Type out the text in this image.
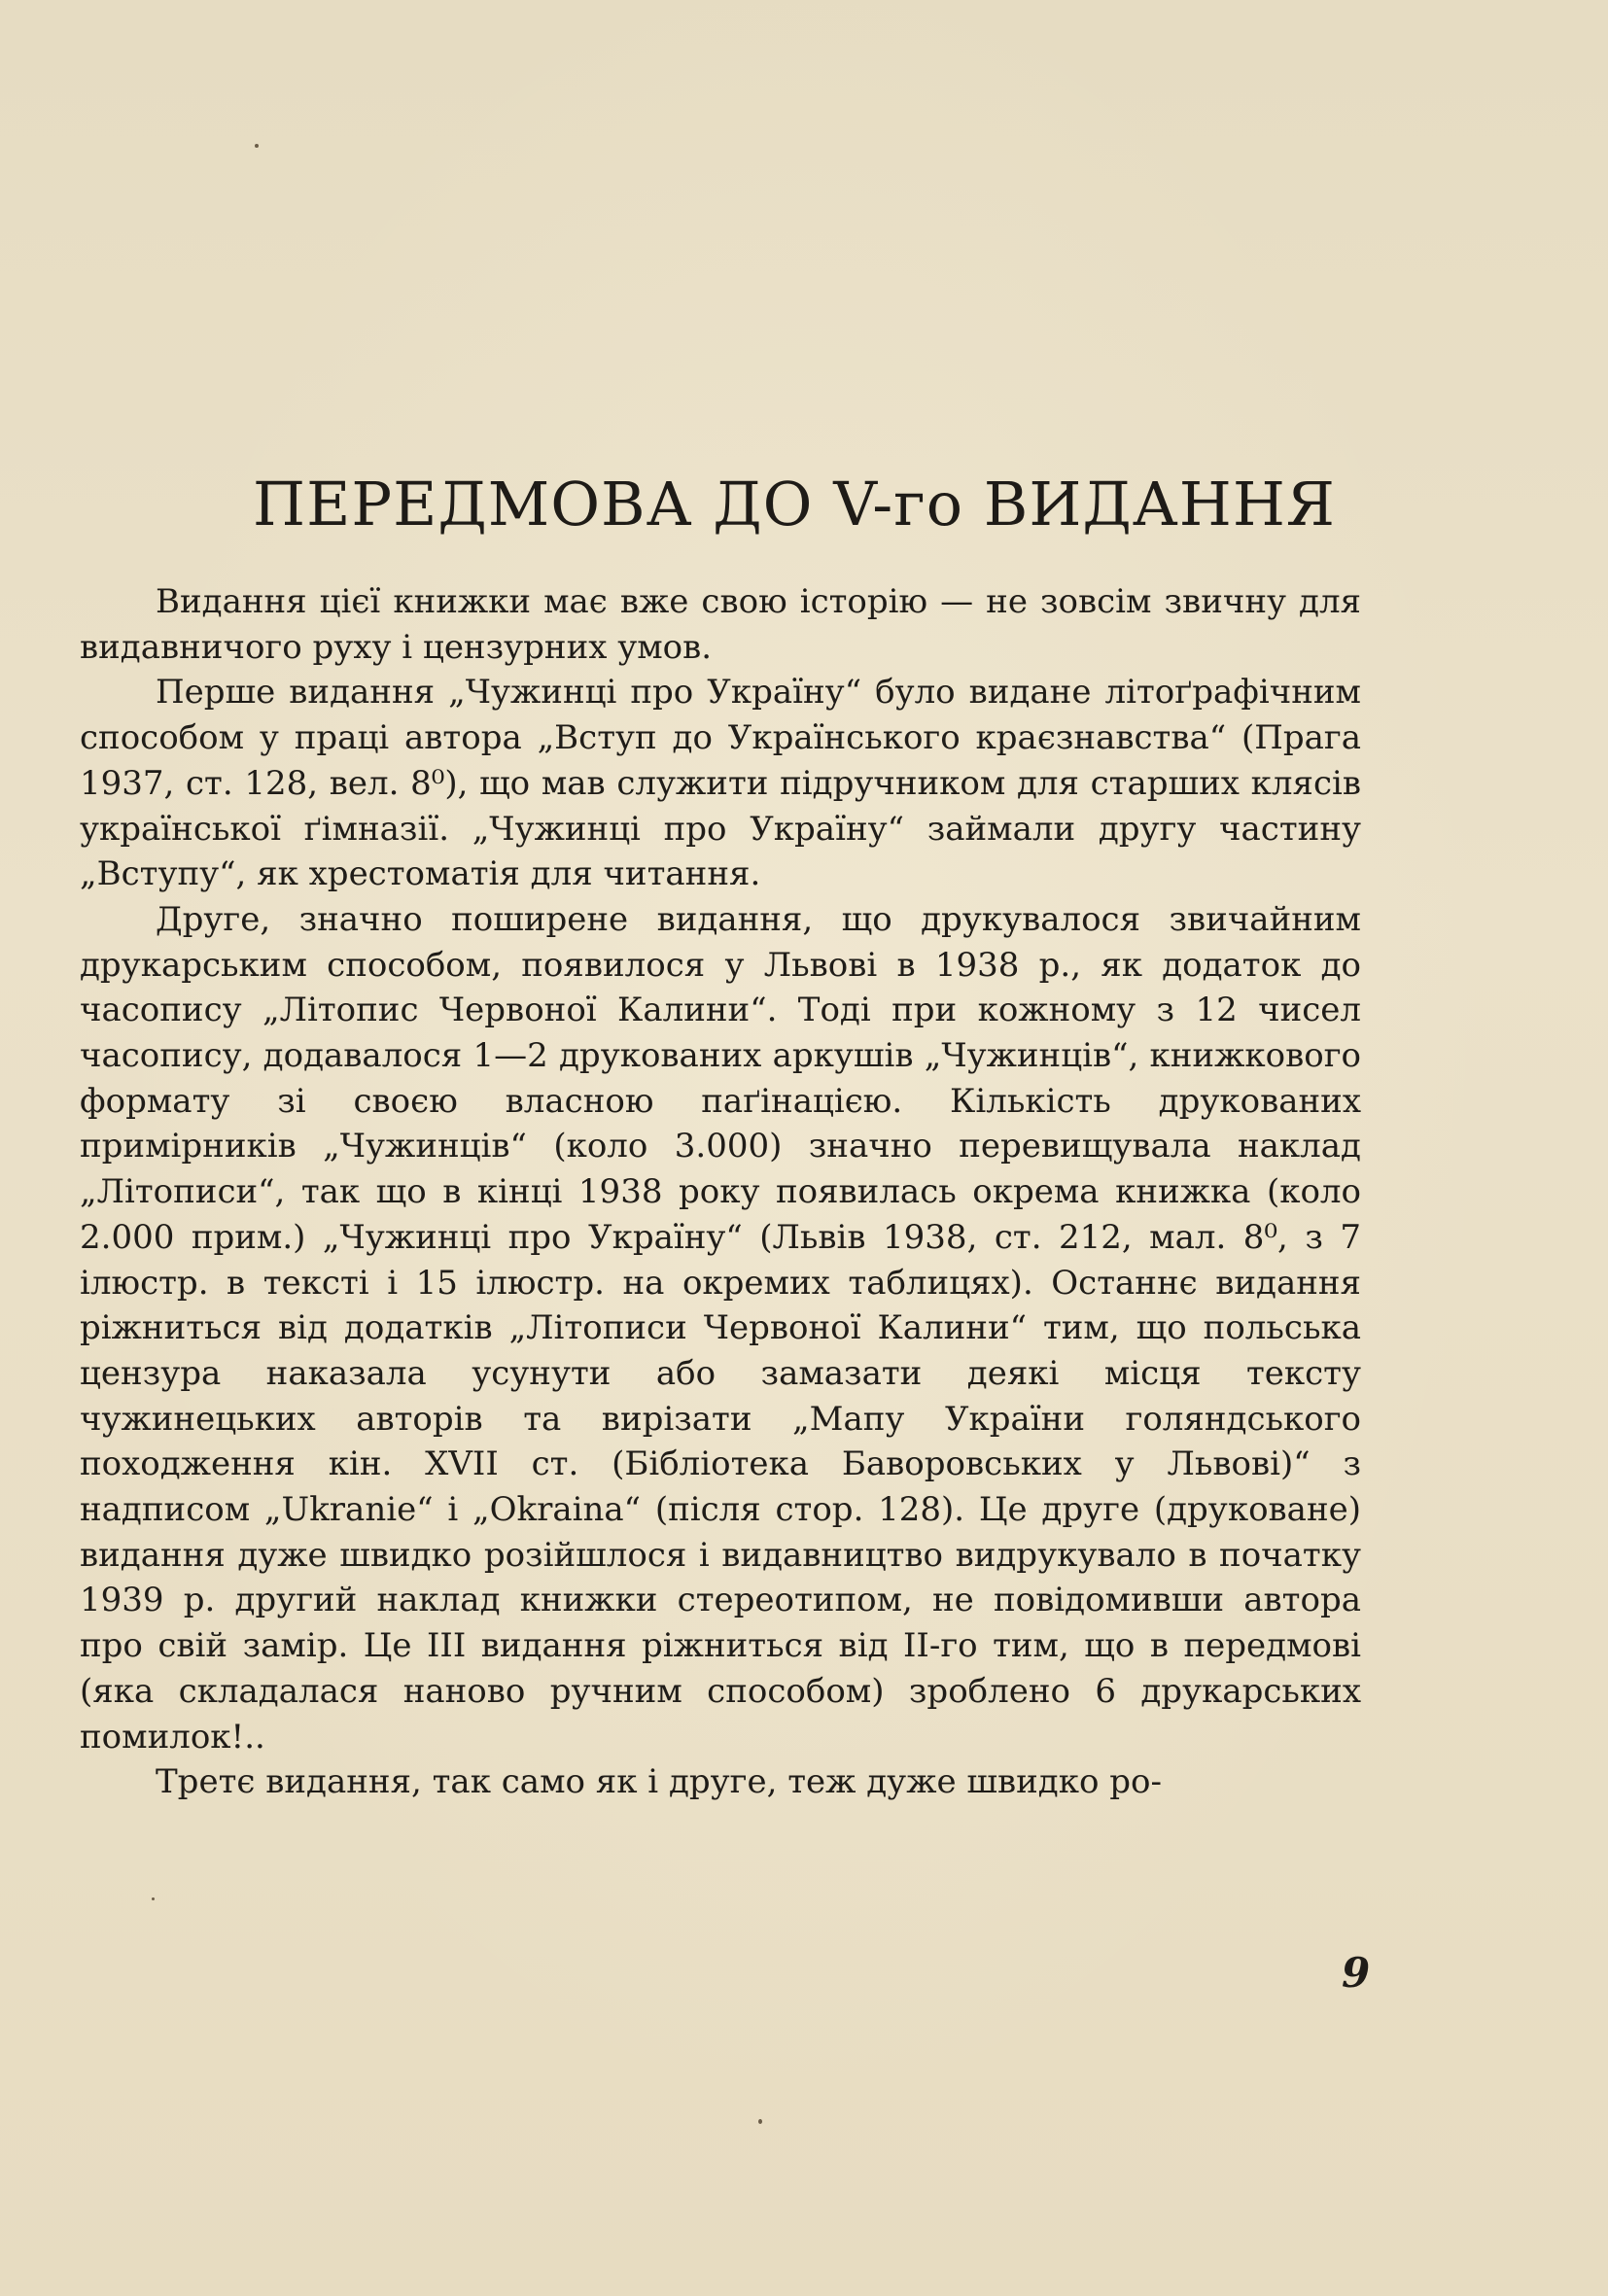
ПЕРЕДМОВА ДО V-го ВИДАННЯ

Видання цієї книжки має вже свою історію — не зовсім звичну для видавничого руху і цензурних умов.

Перше видання „Чужинці про Україну“ було видане літоґрафічним способом у праці автора „Вступ до Українського краєзнавства“ (Прага 1937, ст. 128, вел. 8⁰), що мав служити підручником для старших клясів української ґімназії. „Чужинці про Україну“ займали другу частину „Вступу“, як хрестоматія для читання.

Друге, значно поширене видання, що друкувалося звичайним друкарським способом, появилося у Львові в 1938 р., як додаток до часопису „Літопис Червоної Калини“. Тоді при кожному з 12 чисел часопису, додавалося 1—2 друкованих аркушів „Чужинців“, книжкового формату зі своєю власною паґінацією. Кількість друкованих примірників „Чужинців“ (коло 3.000) значно перевищувала наклад „Літописи“, так що в кінці 1938 року появилась окрема книжка (коло 2.000 прим.) „Чужинці про Україну“ (Львів 1938, ст. 212, мал. 8⁰, з 7 ілюстр. в тексті і 15 ілюстр. на окремих таблицях). Останнє видання ріжниться від додатків „Літописи Червоної Калини“ тим, що польська цензура наказала усунути або замазати деякі місця тексту чужинецьких авторів та вирізати „Мапу України голяндського походження кін. XVII ст. (Бібліотека Баворовських у Львові)“ з надписом „Ukranie“ і „Okraina“ (після стор. 128). Це друге (друковане) видання дуже швидко розійшлося і видавництво видрукувало в початку 1939 р. другий наклад книжки стереотипом, не повідомивши автора про свій замір. Це III видання ріжниться від II-го тим, що в передмові (яка складалася наново ручним способом) зроблено 6 друкарських помилок!..

Третє видання, так само як і друге, теж дуже швидко ро-

9
